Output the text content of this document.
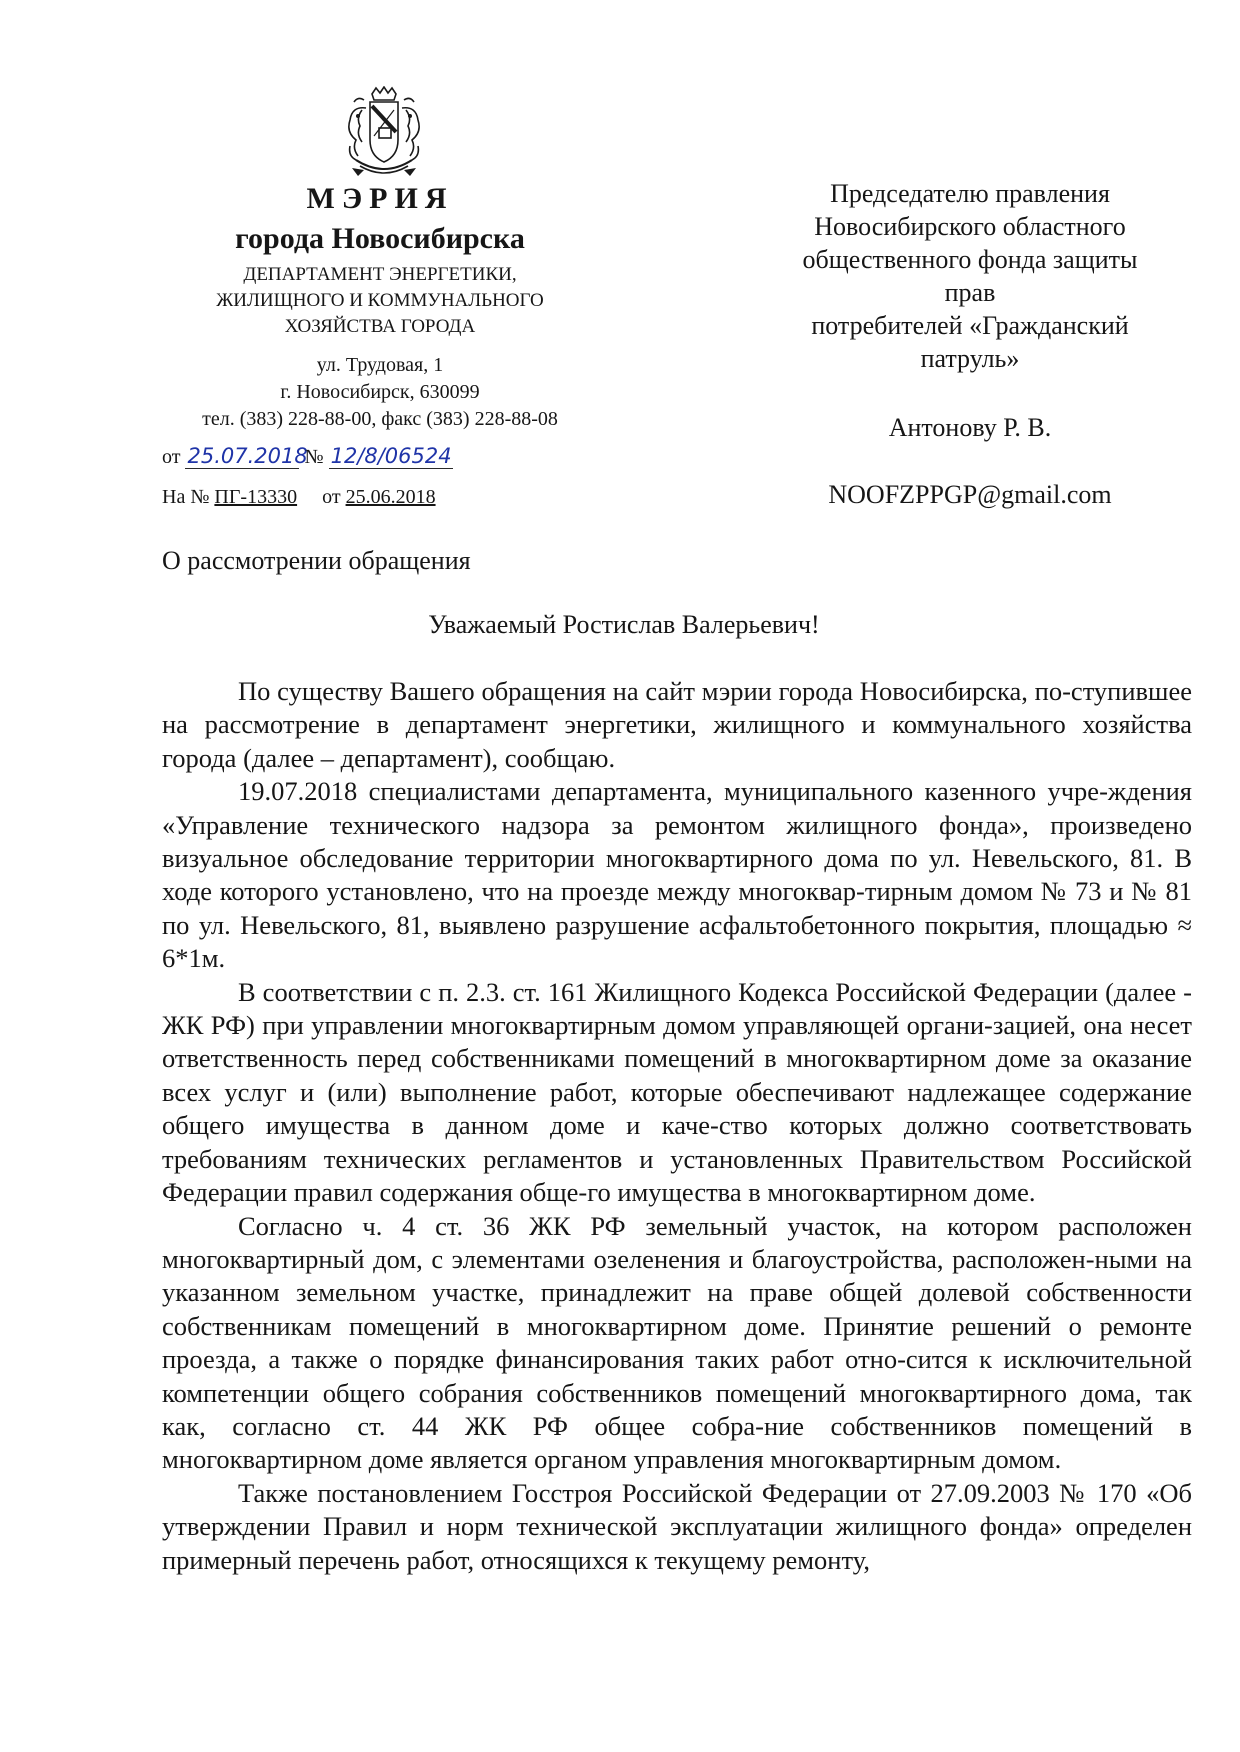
МЭРИЯ
города Новосибирска
ДЕПАРТАМЕНТ ЭНЕРГЕТИКИ,
ЖИЛИЩНОГО И КОММУНАЛЬНОГО
ХОЗЯЙСТВА ГОРОДА
ул. Трудовая, 1
г. Новосибирск, 630099
тел. (383) 228-88-00, факс (383) 228-88-08
от 25.07.2018 № 12/8/06524
На № ПГ-13330 от 25.06.2018
Председателю правления
Новосибирского областного
общественного фонда защиты
прав
потребителей «Гражданский
патруль»
Антонову Р. В.
NOOFZPPGP@gmail.com
О рассмотрении обращения
Уважаемый Ростислав Валерьевич!

По существу Вашего обращения на сайт мэрии города Новосибирска, по-ступившее на рассмотрение в департамент энергетики, жилищного и коммунального хозяйства города (далее – департамент), сообщаю.

19.07.2018 специалистами департамента, муниципального казенного учре-ждения «Управление технического надзора за ремонтом жилищного фонда», произведено визуальное обследование территории многоквартирного дома по ул. Невельского, 81. В ходе которого установлено, что на проезде между многоквар-тирным домом № 73 и № 81 по ул. Невельского, 81, выявлено разрушение асфальтобетонного покрытия, площадью ≈ 6*1м.

В соответствии с п. 2.3. ст. 161 Жилищного Кодекса Российской Федерации (далее - ЖК РФ) при управлении многоквартирным домом управляющей органи-зацией, она несет ответственность перед собственниками помещений в многоквартирном доме за оказание всех услуг и (или) выполнение работ, которые обеспечивают надлежащее содержание общего имущества в данном доме и каче-ство которых должно соответствовать требованиям технических регламентов и установленных Правительством Российской Федерации правил содержания обще-го имущества в многоквартирном доме.

Согласно ч. 4 ст. 36 ЖК РФ земельный участок, на котором расположен многоквартирный дом, с элементами озеленения и благоустройства, расположен-ными на указанном земельном участке, принадлежит на праве общей долевой собственности собственникам помещений в многоквартирном доме. Принятие решений о ремонте проезда, а также о порядке финансирования таких работ отно-сится к исключительной компетенции общего собрания собственников помещений многоквартирного дома, так как, согласно ст. 44 ЖК РФ общее собра-ние собственников помещений в многоквартирном доме является органом управления многоквартирным домом.

Также постановлением Госстроя Российской Федерации от 27.09.2003 № 170 «Об утверждении Правил и норм технической эксплуатации жилищного фонда» определен примерный перечень работ, относящихся к текущему ремонту,
